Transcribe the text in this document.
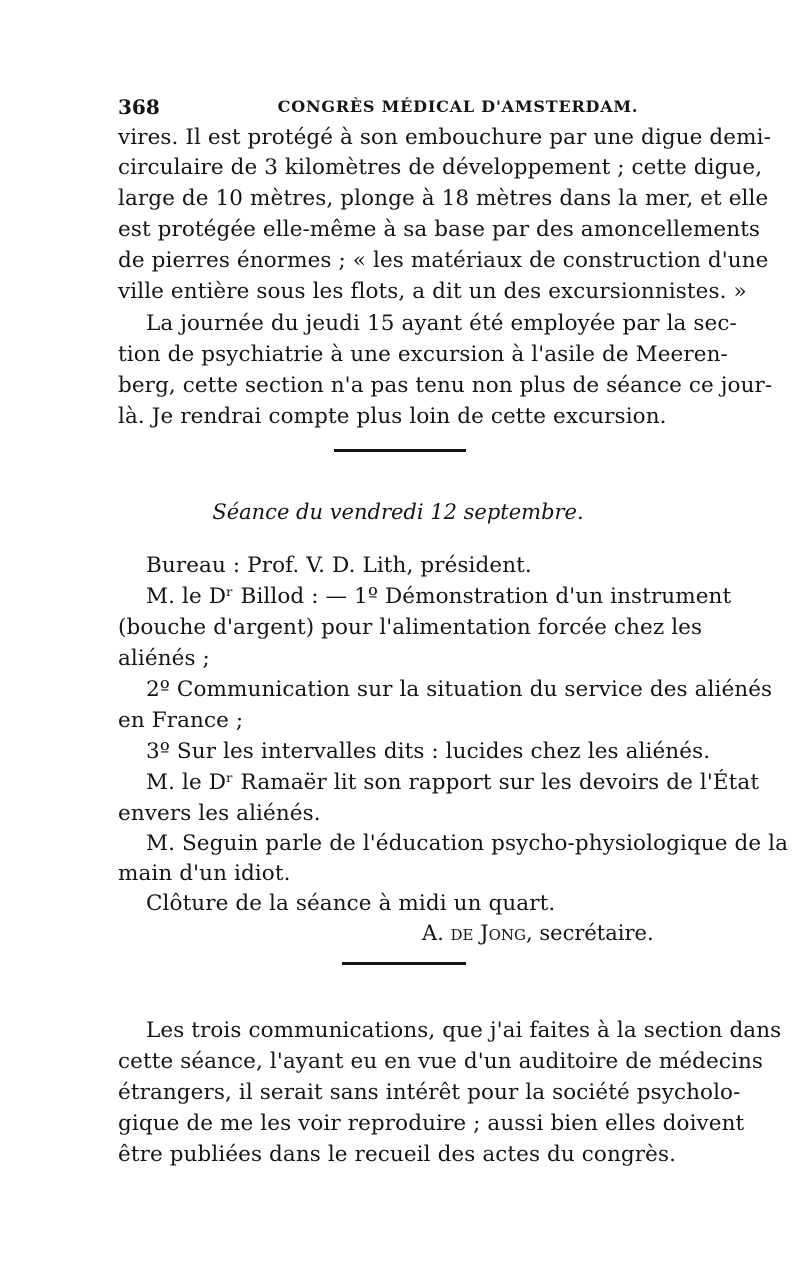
368	CONGRÈS MÉDICAL D'AMSTERDAM.
vires. Il est protégé à son embouchure par une digue demi-
circulaire de 3 kilomètres de développement ; cette digue,
large de 10 mètres, plonge à 18 mètres dans la mer, et elle
est protégée elle-même à sa base par des amoncellements
de pierres énormes ; « les matériaux de construction d'une
ville entière sous les flots, a dit un des excursionnistes. »
La journée du jeudi 15 ayant été employée par la sec-
tion de psychiatrie à une excursion à l'asile de Meeren-
berg, cette section n'a pas tenu non plus de séance ce jour-
là. Je rendrai compte plus loin de cette excursion.
Séance du vendredi 12 septembre.
Bureau : Prof. V. D. Lith, président.
M. le Dʳ Billod : — 1º Démonstration d'un instrument
(bouche d'argent) pour l'alimentation forcée chez les
aliénés ;
2º Communication sur la situation du service des aliénés
en France ;
3º Sur les intervalles dits : lucides chez les aliénés.
M. le Dʳ Ramaër lit son rapport sur les devoirs de l'État
envers les aliénés.
M. Seguin parle de l'éducation psycho-physiologique de la
main d'un idiot.
Clôture de la séance à midi un quart.
A. de Jong, secrétaire.
Les trois communications, que j'ai faites à la section dans
cette séance, l'ayant eu en vue d'un auditoire de médecins
étrangers, il serait sans intérêt pour la société psycholo-
gique de me les voir reproduire ; aussi bien elles doivent
être publiées dans le recueil des actes du congrès.
